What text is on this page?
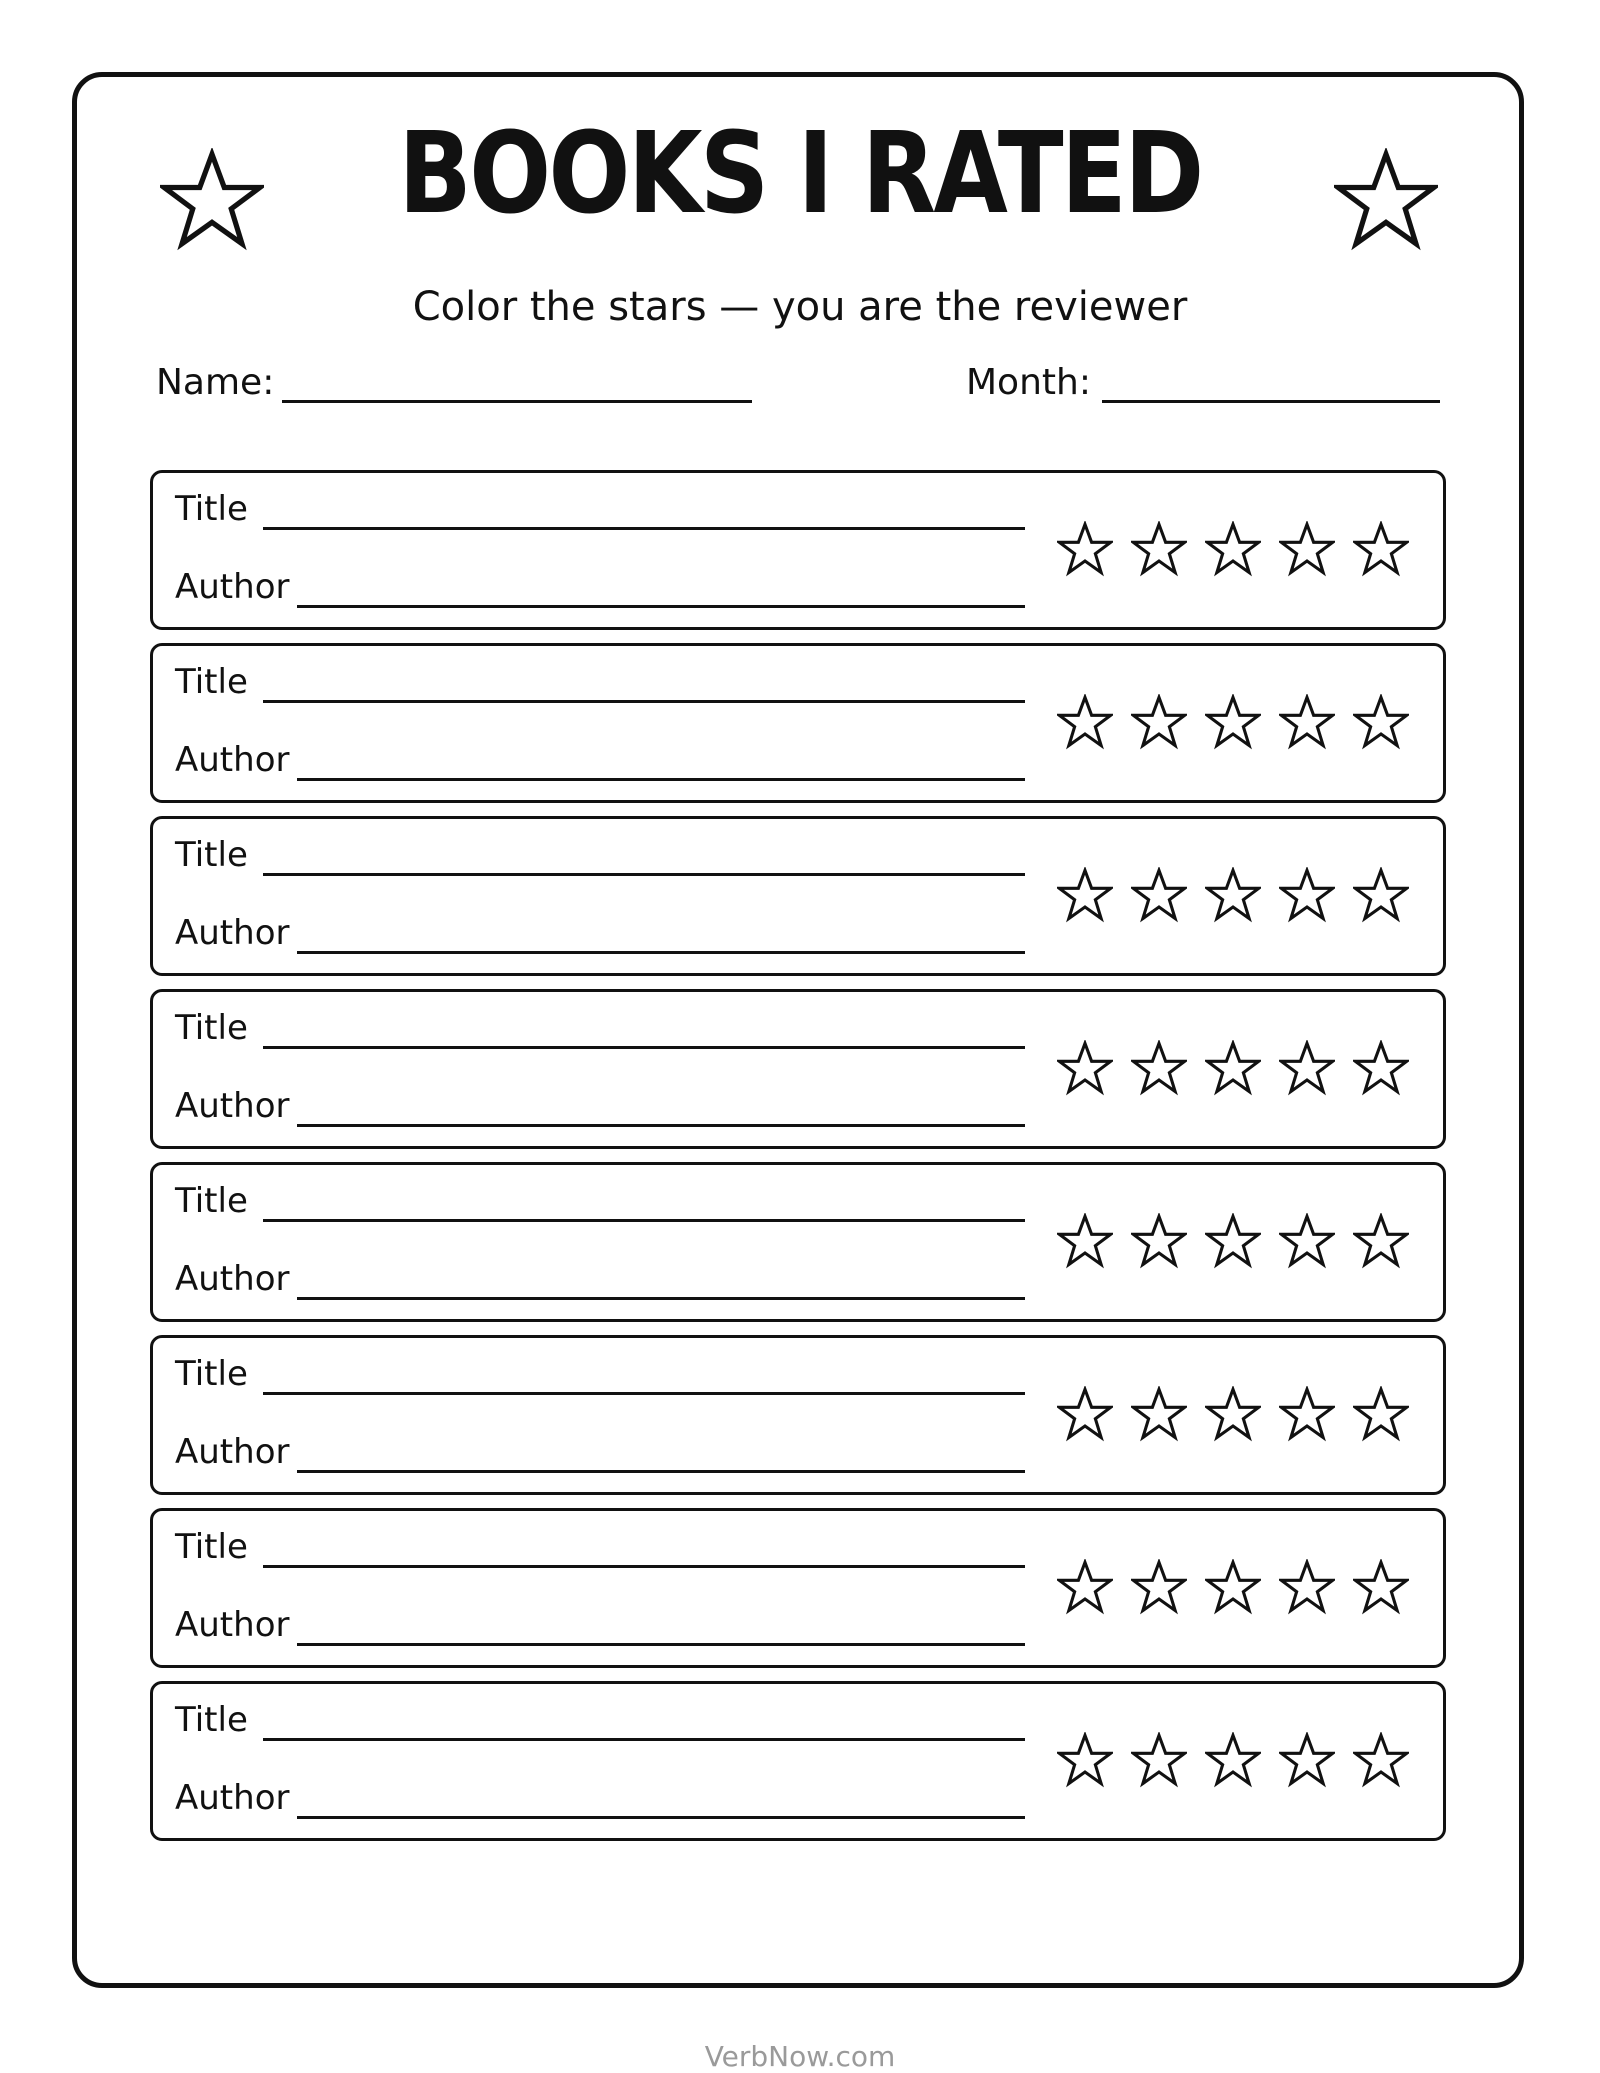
BOOKS I RATED
Color the stars — you are the reviewer
Name:	Month:
Title
Author
Title
Author
Title
Author
Title
Author
Title
Author
Title
Author
Title
Author
Title
Author
VerbNow.com
